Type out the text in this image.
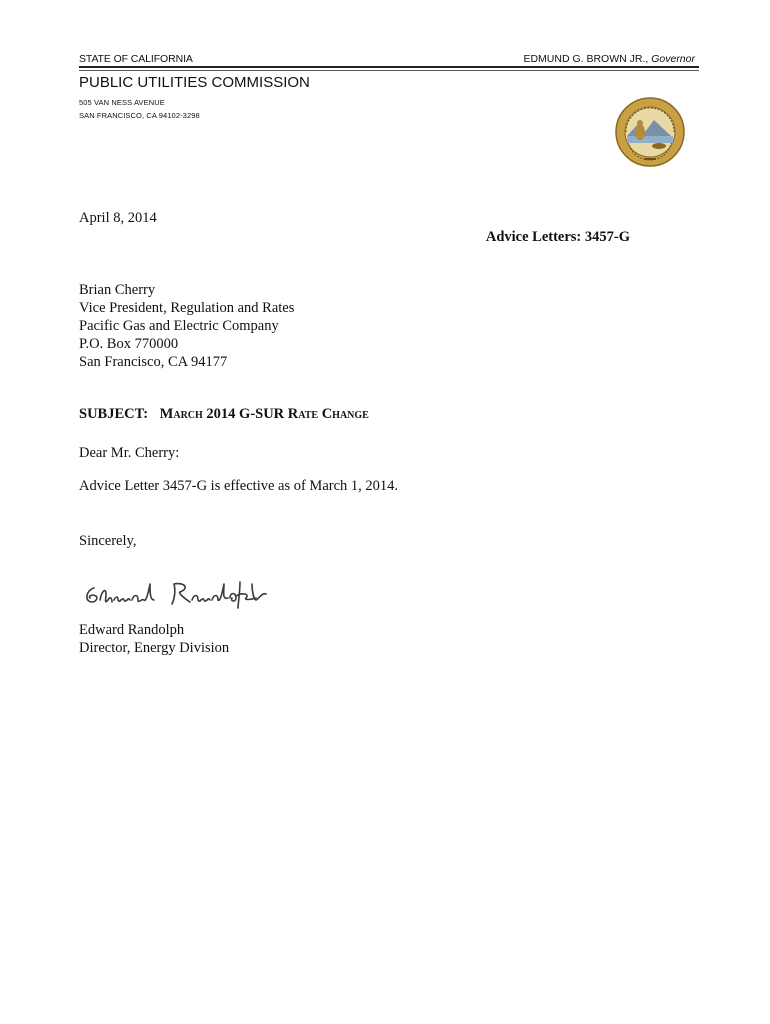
STATE OF CALIFORNIA	EDMUND G. BROWN JR., Governor
PUBLIC UTILITIES COMMISSION
505 VAN NESS AVENUE
SAN FRANCISCO, CA 94102-3298
April 8, 2014
Advice Letters: 3457-G
Brian Cherry
Vice President, Regulation and Rates
Pacific Gas and Electric Company
P.O. Box 770000
San Francisco, CA 94177
SUBJECT: March 2014 G-SUR Rate Change
Dear Mr. Cherry:
Advice Letter 3457-G is effective as of March 1, 2014.
Sincerely,
Edward Randolph
Director, Energy Division
